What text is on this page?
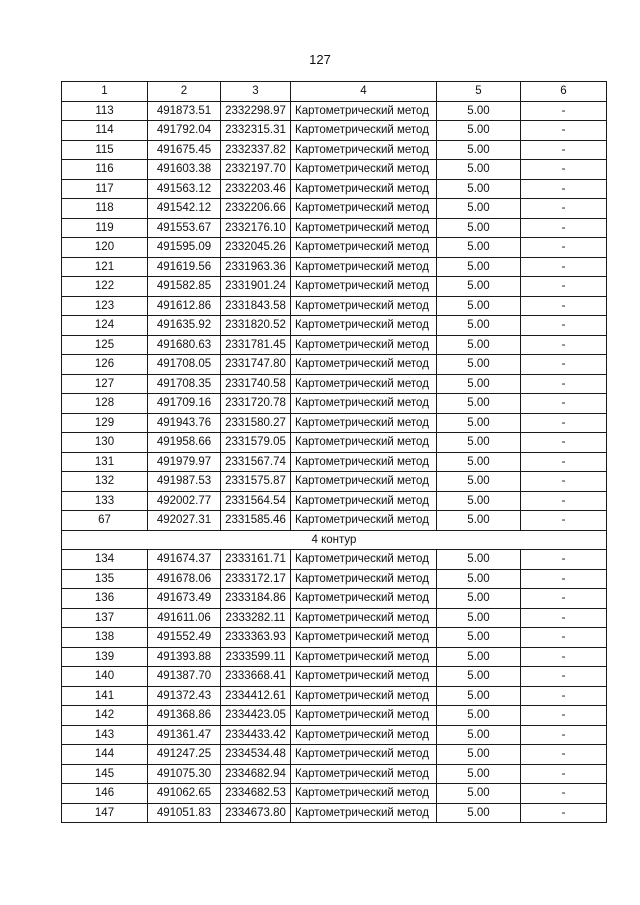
127
1	2	3	4	5	6
113	491873.51	2332298.97	Картометрический метод	5.00	-
114	491792.04	2332315.31	Картометрический метод	5.00	-
115	491675.45	2332337.82	Картометрический метод	5.00	-
116	491603.38	2332197.70	Картометрический метод	5.00	-
117	491563.12	2332203.46	Картометрический метод	5.00	-
118	491542.12	2332206.66	Картометрический метод	5.00	-
119	491553.67	2332176.10	Картометрический метод	5.00	-
120	491595.09	2332045.26	Картометрический метод	5.00	-
121	491619.56	2331963.36	Картометрический метод	5.00	-
122	491582.85	2331901.24	Картометрический метод	5.00	-
123	491612.86	2331843.58	Картометрический метод	5.00	-
124	491635.92	2331820.52	Картометрический метод	5.00	-
125	491680.63	2331781.45	Картометрический метод	5.00	-
126	491708.05	2331747.80	Картометрический метод	5.00	-
127	491708.35	2331740.58	Картометрический метод	5.00	-
128	491709.16	2331720.78	Картометрический метод	5.00	-
129	491943.76	2331580.27	Картометрический метод	5.00	-
130	491958.66	2331579.05	Картометрический метод	5.00	-
131	491979.97	2331567.74	Картометрический метод	5.00	-
132	491987.53	2331575.87	Картометрический метод	5.00	-
133	492002.77	2331564.54	Картометрический метод	5.00	-
67	492027.31	2331585.46	Картометрический метод	5.00	-
4 контур					
134	491674.37	2333161.71	Картометрический метод	5.00	-
135	491678.06	2333172.17	Картометрический метод	5.00	-
136	491673.49	2333184.86	Картометрический метод	5.00	-
137	491611.06	2333282.11	Картометрический метод	5.00	-
138	491552.49	2333363.93	Картометрический метод	5.00	-
139	491393.88	2333599.11	Картометрический метод	5.00	-
140	491387.70	2333668.41	Картометрический метод	5.00	-
141	491372.43	2334412.61	Картометрический метод	5.00	-
142	491368.86	2334423.05	Картометрический метод	5.00	-
143	491361.47	2334433.42	Картометрический метод	5.00	-
144	491247.25	2334534.48	Картометрический метод	5.00	-
145	491075.30	2334682.94	Картометрический метод	5.00	-
146	491062.65	2334682.53	Картометрический метод	5.00	-
147	491051.83	2334673.80	Картометрический метод	5.00	-
